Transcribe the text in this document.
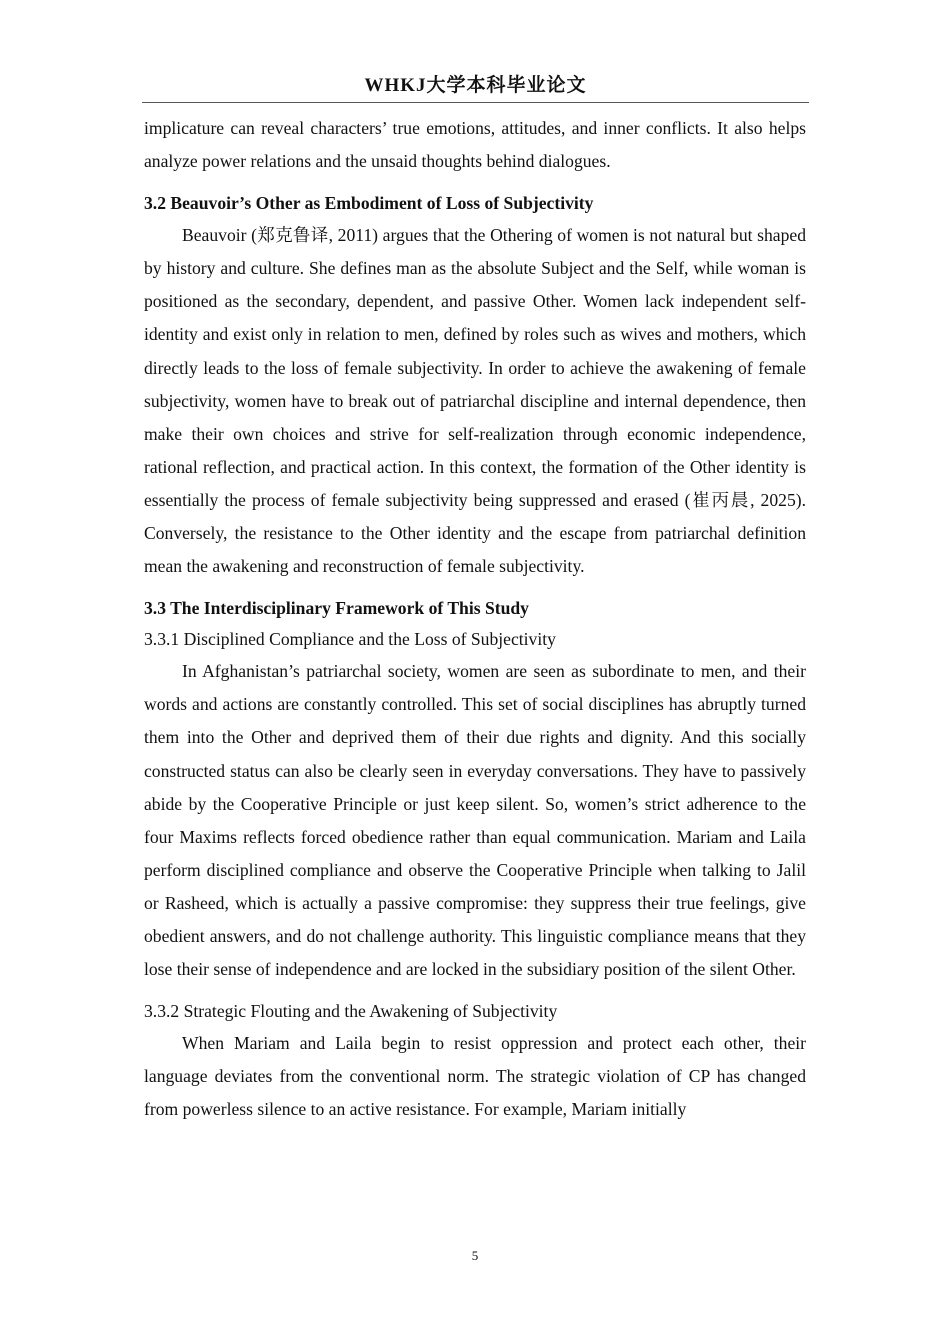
WHKJ大学本科毕业论文

implicature can reveal characters’ true emotions, attitudes, and inner conflicts. It also helps analyze power relations and the unsaid thoughts behind dialogues.

3.2 Beauvoir’s Other as Embodiment of Loss of Subjectivity

Beauvoir (郑克鲁译, 2011) argues that the Othering of women is not natural but shaped by history and culture. She defines man as the absolute Subject and the Self, while woman is positioned as the secondary, dependent, and passive Other. Women lack independent self-identity and exist only in relation to men, defined by roles such as wives and mothers, which directly leads to the loss of female subjectivity. In order to achieve the awakening of female subjectivity, women have to break out of patriarchal discipline and internal dependence, then make their own choices and strive for self-realization through economic independence, rational reflection, and practical action. In this context, the formation of the Other identity is essentially the process of female subjectivity being suppressed and erased (崔丙晨, 2025). Conversely, the resistance to the Other identity and the escape from patriarchal definition mean the awakening and reconstruction of female subjectivity.

3.3 The Interdisciplinary Framework of This Study

3.3.1 Disciplined Compliance and the Loss of Subjectivity

In Afghanistan’s patriarchal society, women are seen as subordinate to men, and their words and actions are constantly controlled. This set of social disciplines has abruptly turned them into the Other and deprived them of their due rights and dignity. And this socially constructed status can also be clearly seen in everyday conversations. They have to passively abide by the Cooperative Principle or just keep silent. So, women’s strict adherence to the four Maxims reflects forced obedience rather than equal communication. Mariam and Laila perform disciplined compliance and observe the Cooperative Principle when talking to Jalil or Rasheed, which is actually a passive compromise: they suppress their true feelings, give obedient answers, and do not challenge authority. This linguistic compliance means that they lose their sense of independence and are locked in the subsidiary position of the silent Other.

3.3.2 Strategic Flouting and the Awakening of Subjectivity

When Mariam and Laila begin to resist oppression and protect each other, their language deviates from the conventional norm. The strategic violation of CP has changed from powerless silence to an active resistance. For example, Mariam initially

5
